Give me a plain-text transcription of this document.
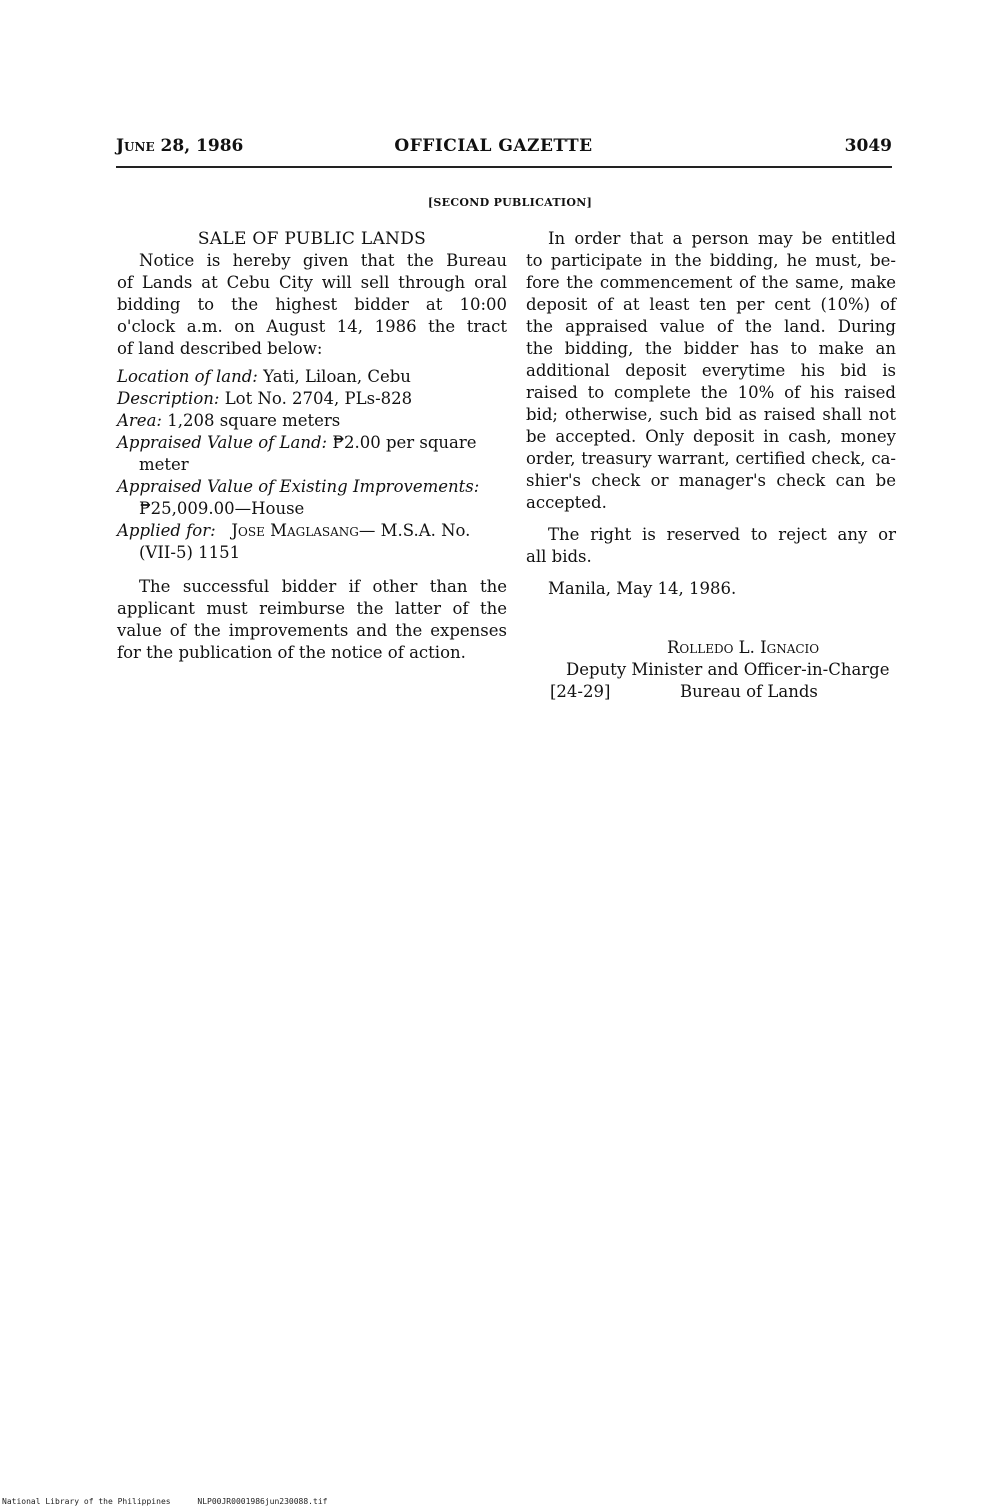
June 28, 1986	OFFICIAL GAZETTE	3049
[SECOND PUBLICATION]

SALE OF PUBLIC LANDS

Notice is hereby given that the Bureau

of Lands at Cebu City will sell through oral

bidding to the highest bidder at 10:00

o'clock a.m. on August 14, 1986 the tract

of land described below:

Location of land: Yati, Liloan, Cebu

Description: Lot No. 2704, PLs-828

Area: 1,208 square meters

Appraised Value of Land: ₱2.00 per square meter

Appraised Value of Existing Improvements: ₱25,009.00—House

Applied for: Jose Maglasang— M.S.A. No. (VII-5) 1151

The successful bidder if other than the

applicant must reimburse the latter of the

value of the improvements and the expenses

for the publication of the notice of action.

In order that a person may be entitled

to participate in the bidding, he must, be-

fore the commencement of the same, make

deposit of at least ten per cent (10%) of

the appraised value of the land. During

the bidding, the bidder has to make an

additional deposit everytime his bid is

raised to complete the 10% of his raised

bid; otherwise, such bid as raised shall not

be accepted. Only deposit in cash, money

order, treasury warrant, certified check, ca-

shier's check or manager's check can be

accepted.

The right is reserved to reject any or

all bids.

Manila, May 14, 1986.

Rolledo L. Ignacio
Deputy Minister and Officer-in-Charge
[24-29]	Bureau of Lands
National Library of the Philippines	NLP00JR0001986jun230088.tif
